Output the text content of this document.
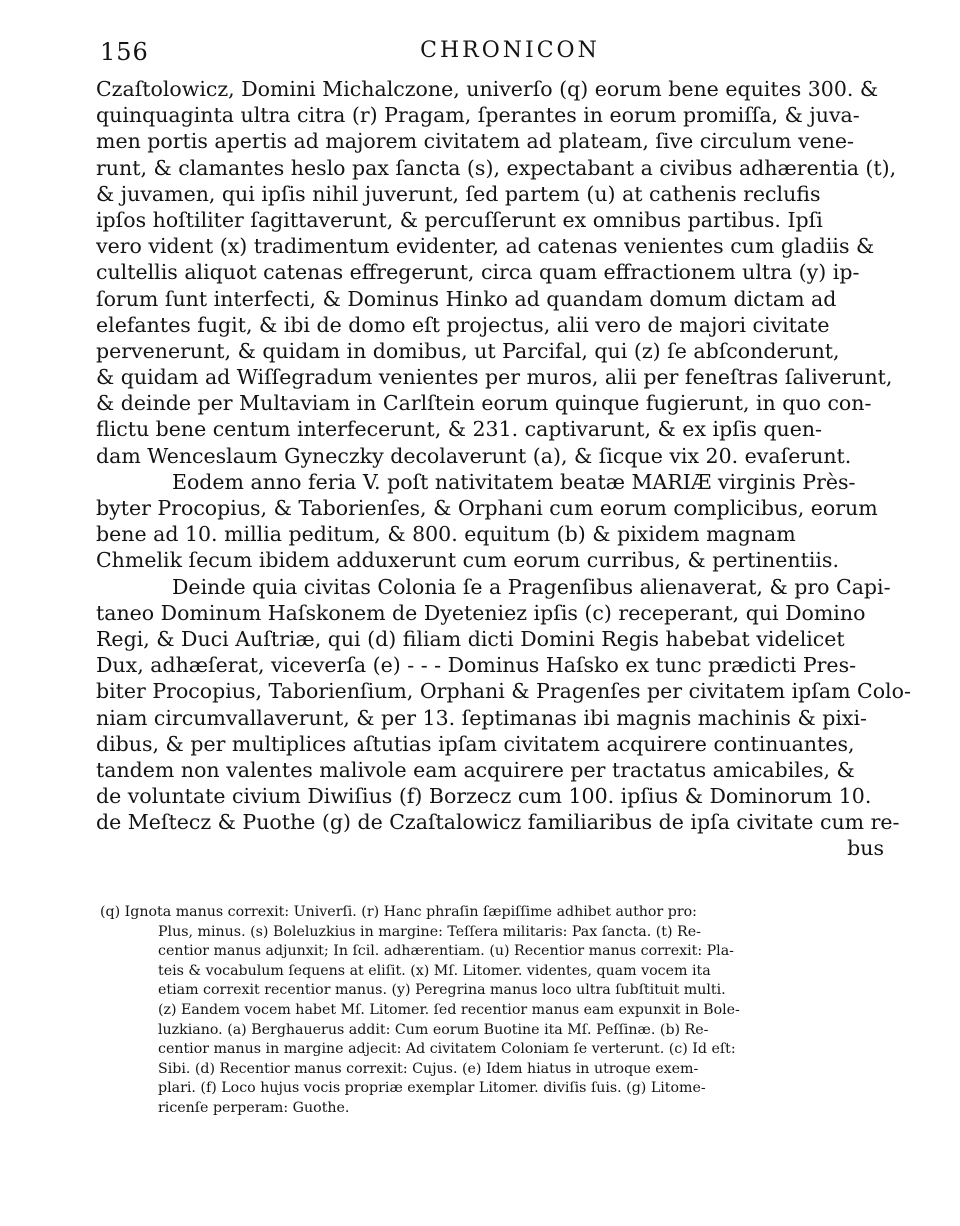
156	CHRONICON
Czaſtolowicz, Domini Michalczone, univerſo (q) eorum bene equites 300. &
quinquaginta ultra citra (r) Pragam, ſperantes in eorum promiſſa, & juva-
men portis apertis ad majorem civitatem ad plateam, ſive circulum vene-
runt, & clamantes heslo pax ſancta (s), expectabant a civibus adhærentia (t),
& juvamen, qui ipſis nihil juverunt, ſed partem (u) at cathenis reclufis
ipſos hoſtiliter ſagittaverunt, & percuſſerunt ex omnibus partibus. Ipſi
vero vident (x) tradimentum evidenter, ad catenas venientes cum gladiis &
cultellis aliquot catenas effregerunt, circa quam effractionem ultra (y) ip-
ſorum ſunt interfecti, & Dominus Hinko ad quandam domum dictam ad
elefantes fugit, & ibi de domo eſt projectus, alii vero de majori civitate
pervenerunt, & quidam in domibus, ut Parcifal, qui (z) ſe abſconderunt,
& quidam ad Wiſſegradum venientes per muros, alii per feneſtras ſaliverunt,
& deinde per Multaviam in Carlſtein eorum quinque fugierunt, in quo con-
flictu bene centum interfecerunt, & 231. captivarunt, & ex ipſis quen-
dam Wenceslaum Gyneczky decolaverunt (a), & ſicque vix 20. evaſerunt.
Eodem anno feria V. poſt nativitatem beatæ MARIÆ virginis Près-
byter Procopius, & Taborienſes, & Orphani cum eorum complicibus, eorum
bene ad 10. millia peditum, & 800. equitum (b) & pixidem magnam
Chmelik ſecum ibidem adduxerunt cum eorum curribus, & pertinentiis.
Deinde quia civitas Colonia ſe a Pragenſibus alienaverat, & pro Capi-
taneo Dominum Haſskonem de Dyeteniez ipſis (c) receperant, qui Domino
Regi, & Duci Auſtriæ, qui (d) filiam dicti Domini Regis habebat videlicet
Dux, adhæſerat, viceverſa (e) - - - Dominus Haſsko ex tunc prædicti Pres-
biter Procopius, Taborienſium, Orphani & Pragenſes per civitatem ipſam Colo-
niam circumvallaverunt, & per 13. ſeptimanas ibi magnis machinis & pixi-
dibus, & per multiplices aſtutias ipſam civitatem acquirere continuantes,
tandem non valentes malivole eam acquirere per tractatus amicabiles, &
de voluntate civium Diwiſius (f) Borzecz cum 100. ipſius & Dominorum 10.
de Meſtecz & Puothe (g) de Czaſtalowicz familiaribus de ipſa civitate cum re-
bus
(q) Ignota manus correxit: Univerſi. (r) Hanc phraſin ſæpiſſime adhibet author pro:
Plus, minus. (s) Boleluzkius in margine: Teſſera militaris: Pax ſancta. (t) Re-
centior manus adjunxit; In ſcil. adhærentiam. (u) Recentior manus correxit: Pla-
teis & vocabulum ſequens at eliſit. (x) Mſ. Litomer. videntes, quam vocem ita
etiam correxit recentior manus. (y) Peregrina manus loco ultra ſubſtituit multi.
(z) Eandem vocem habet Mſ. Litomer. ſed recentior manus eam expunxit in Bole-
luzkiano. (a) Berghauerus addit: Cum eorum Buotine ita Mſ. Peſſinæ. (b) Re-
centior manus in margine adjecit: Ad civitatem Coloniam ſe verterunt. (c) Id eſt:
Sibi. (d) Recentior manus correxit: Cujus. (e) Idem hiatus in utroque exem-
plari. (f) Loco hujus vocis propriæ exemplar Litomer. diviſis ſuis. (g) Litome-
ricenſe perperam: Guothe.
